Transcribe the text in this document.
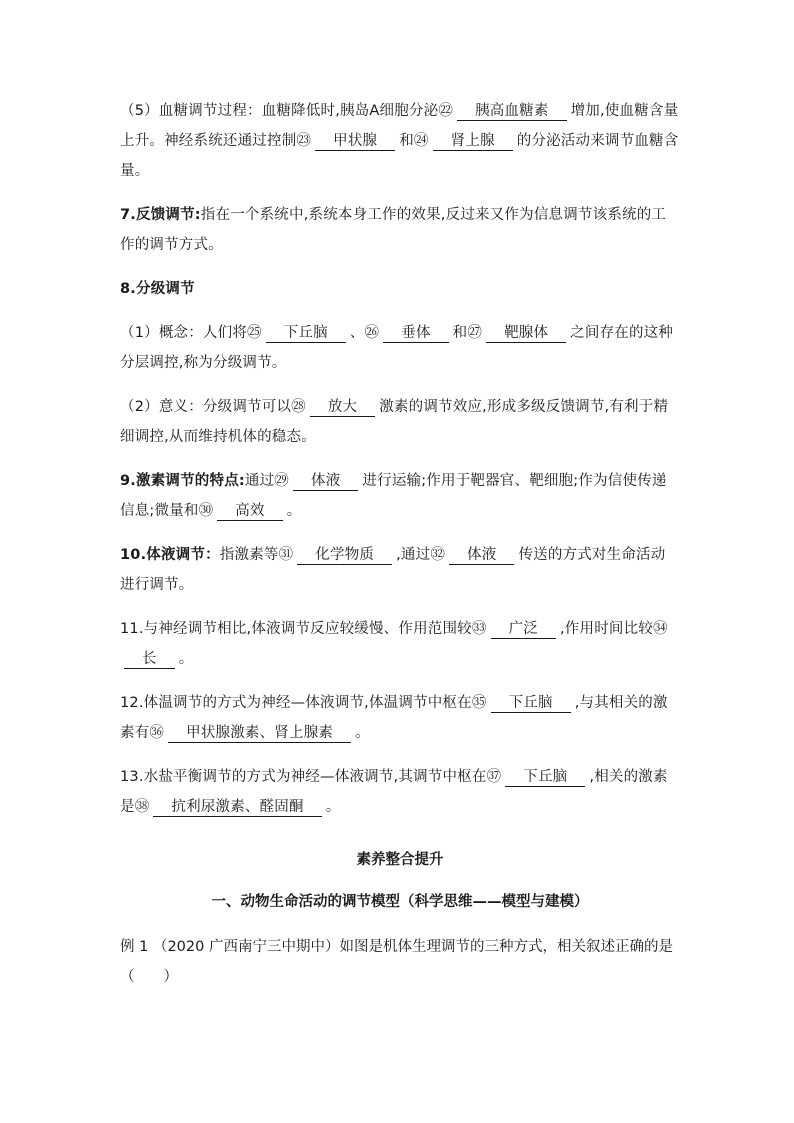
（5）血糖调节过程：血糖降低时,胰岛A细胞分泌㉒ 胰高血糖素 增加,使血糖含量上升。神经系统还通过控制㉓ 甲状腺 和㉔ 肾上腺 的分泌活动来调节血糖含量。

7.反馈调节:指在一个系统中,系统本身工作的效果,反过来又作为信息调节该系统的工作的调节方式。

8.分级调节

（1）概念：人们将㉕ 下丘脑 、㉖ 垂体 和㉗ 靶腺体 之间存在的这种分层调控,称为分级调节。

（2）意义：分级调节可以㉘ 放大 激素的调节效应,形成多级反馈调节,有利于精细调控,从而维持机体的稳态。

9.激素调节的特点:通过㉙ 体液 进行运输;作用于靶器官、靶细胞;作为信使传递信息;微量和㉚ 高效 。

10.体液调节：指激素等㉛ 化学物质 ,通过㉜ 体液 传送的方式对生命活动进行调节。

11.与神经调节相比,体液调节反应较缓慢、作用范围较㉝ 广泛 ,作用时间比较㉞长 。

12.体温调节的方式为神经—体液调节,体温调节中枢在㉟ 下丘脑 ,与其相关的激素有㊱ 甲状腺激素、肾上腺素 。

13.水盐平衡调节的方式为神经—体液调节,其调节中枢在㊲ 下丘脑 ,相关的激素是㊳ 抗利尿激素、醛固酮 。

素养整合提升
一、动物生命活动的调节模型（科学思维——模型与建模）

例 1 （2020 广西南宁三中期中）如图是机体生理调节的三种方式，相关叙述正确的是
（　　）
